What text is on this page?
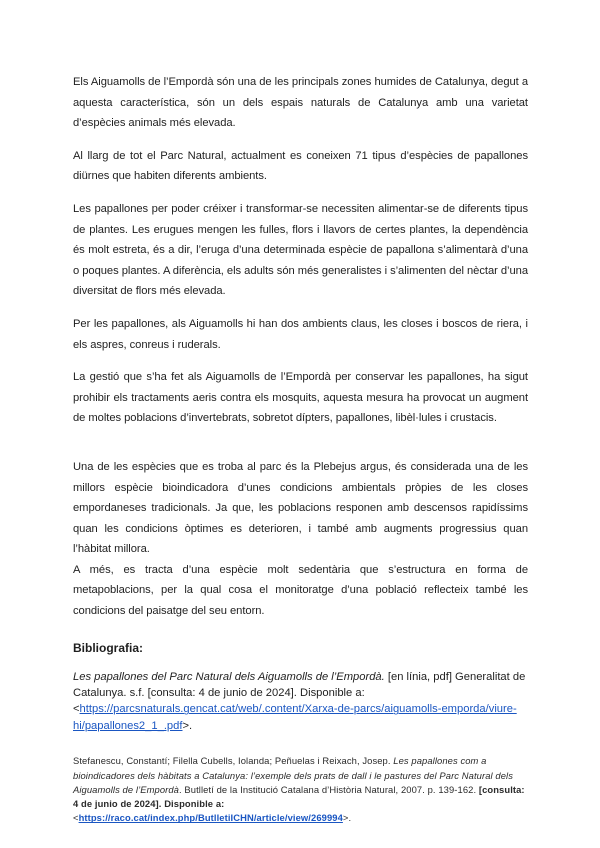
Els Aiguamolls de l’Empordà són una de les principals zones humides de Catalunya, degut a aquesta característica, són un dels espais naturals de Catalunya amb una varietat d’espècies animals més elevada.

Al llarg de tot el Parc Natural, actualment es coneixen 71 tipus d’espècies de papallones diürnes que habiten diferents ambients.

Les papallones per poder créixer i transformar-se necessiten alimentar-se de diferents tipus de plantes. Les erugues mengen les fulles, flors i llavors de certes plantes, la dependència és molt estreta, és a dir, l’eruga d’una determinada espècie de papallona s’alimentarà d’una o poques plantes. A diferència, els adults són més generalistes i s’alimenten del nèctar d’una diversitat de flors més elevada.

Per les papallones, als Aiguamolls hi han dos ambients claus, les closes i boscos de riera, i els aspres, conreus i ruderals.

La gestió que s’ha fet als Aiguamolls de l’Empordà per conservar les papallones, ha sigut prohibir els tractaments aeris contra els mosquits, aquesta mesura ha provocat un augment de moltes poblacions d’invertebrats, sobretot dípters, papallones, libèl·lules i crustacis.

Una de les espècies que es troba al parc és la Plebejus argus, és considerada una de les millors espècie bioindicadora d’unes condicions ambientals pròpies de les closes empordaneses tradicionals. Ja que, les poblacions responen amb descensos rapidíssims quan les condicions òptimes es deterioren, i també amb augments progressius quan l’hàbitat millora.

A més, es tracta d’una espècie molt sedentària que s’estructura en forma de metapoblacions, per la qual cosa el monitoratge d’una població reflecteix també les condicions del paisatge del seu entorn.

Bibliografia:

Les papallones del Parc Natural dels Aiguamolls de l’Empordà. [en línia, pdf] Generalitat de Catalunya. s.f. [consulta: 4 de junio de 2024]. Disponible a: <https://parcsnaturals.gencat.cat/web/.content/Xarxa-de-parcs/aiguamolls-emporda/viure-hi/papallones2_1_.pdf>.

Stefanescu, Constantí; Filella Cubells, Iolanda; Peñuelas i Reixach, Josep. Les papallones com a bioindicadores dels hàbitats a Catalunya: l’exemple dels prats de dall i le pastures del Parc Natural dels Aiguamolls de l’Empordà. Butlletí de la Institució Catalana d’Història Natural, 2007. p. 139-162. [consulta: 4 de junio de 2024]. Disponible a:
<https://raco.cat/index.php/ButlletiICHN/article/view/269994>.
